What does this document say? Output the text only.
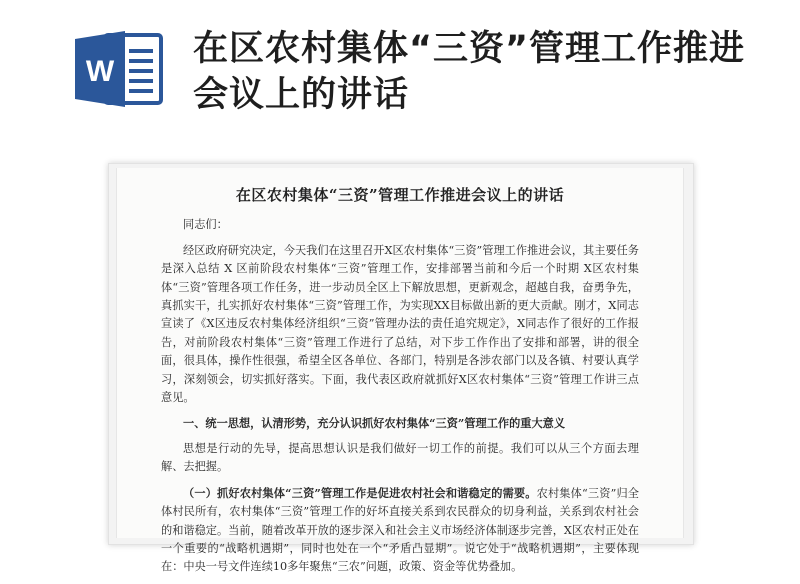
W
在区农村集体“三资”管理工作推进会议上的讲话
在区农村集体“三资”管理工作推进会议上的讲话

同志们：

经区政府研究决定，今天我们在这里召开X区农村集体“三资”管理工作推进会议，其主要任务是深入总结 X 区前阶段农村集体“三资”管理工作，安排部署当前和今后一个时期 X区农村集体“三资”管理各项工作任务，进一步动员全区上下解放思想，更新观念，超越自我，奋勇争先，真抓实干，扎实抓好农村集体“三资”管理工作，为实现XX目标做出新的更大贡献。刚才，X同志宣读了《X区违反农村集体经济组织“三资”管理办法的责任追究规定》，X同志作了很好的工作报告，对前阶段农村集体“三资”管理工作进行了总结，对下步工作作出了安排和部署，讲的很全面，很具体，操作性很强，希望全区各单位、各部门，特别是各涉农部门以及各镇、村要认真学习，深刻领会，切实抓好落实。下面，我代表区政府就抓好X区农村集体“三资”管理工作讲三点意见。

一、统一思想，认清形势，充分认识抓好农村集体“三资”管理工作的重大意义

思想是行动的先导，提高思想认识是我们做好一切工作的前提。我们可以从三个方面去理解、去把握。

（一）抓好农村集体“三资”管理工作是促进农村社会和谐稳定的需要。农村集体“三资”归全体村民所有，农村集体“三资”管理工作的好坏直接关系到农民群众的切身利益，关系到农村社会的和谐稳定。当前，随着改革开放的逐步深入和社会主义市场经济体制逐步完善，X区农村正处在一个重要的“战略机遇期”，同时也处在一个“矛盾凸显期”。说它处于“战略机遇期”，主要体现在：中央一号文件连续10多年聚焦“三农”问题，政策、资金等优势叠加。
